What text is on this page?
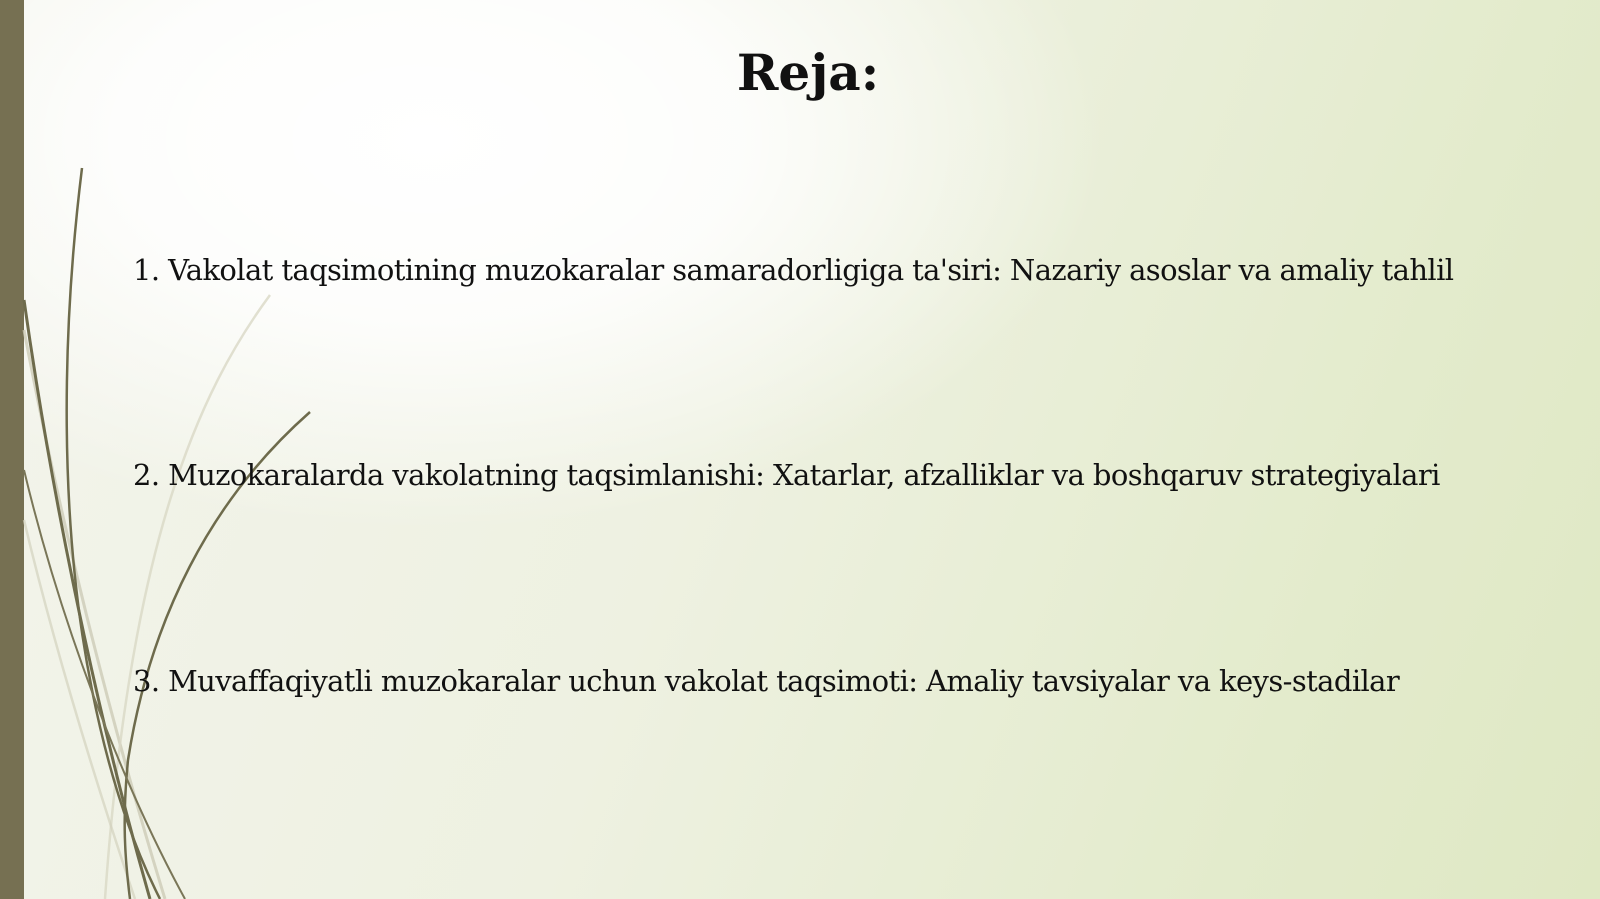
Reja:
1. Vakolat taqsimotining muzokaralar samaradorligiga ta'siri: Nazariy asoslar va amaliy tahlil
2. Muzokaralarda vakolatning taqsimlanishi: Xatarlar, afzalliklar va boshqaruv strategiyalari
3. Muvaffaqiyatli muzokaralar uchun vakolat taqsimoti: Amaliy tavsiyalar va keys-stadilar
